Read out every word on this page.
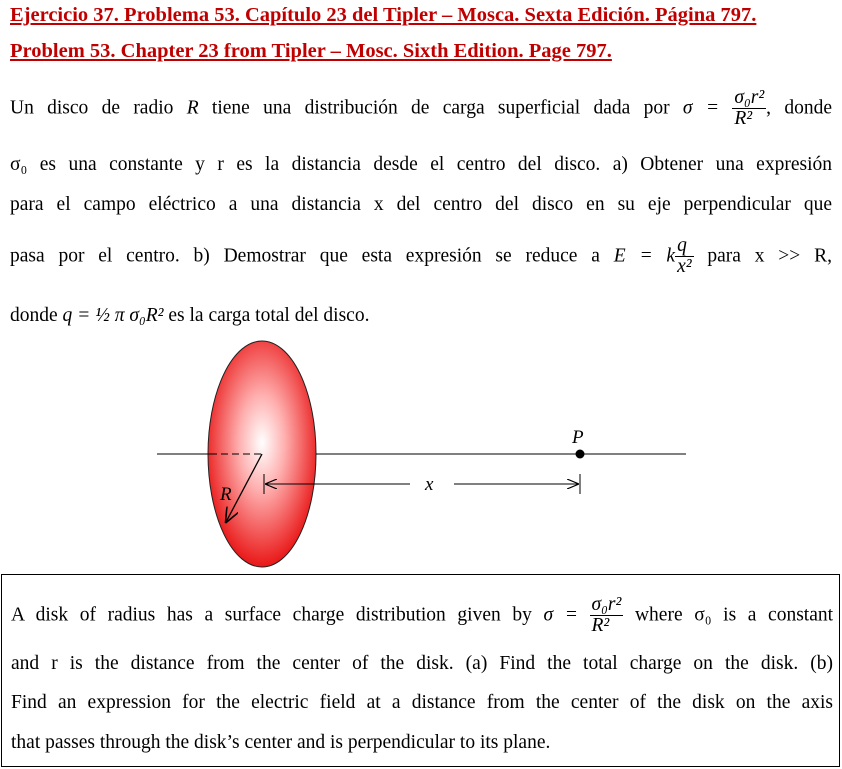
Ejercicio 37. Problema 53. Capítulo 23 del Tipler – Mosca. Sexta Edición. Página 797.
Problem 53. Chapter 23 from Tipler – Mosc. Sixth Edition. Page 797.
Un disco de radio R tiene una distribución de carga superficial dada por $\sigma = \frac{\text{σ₀r²}}{\text{R²}}$ , donde
σ₀ es una constante y r es la distancia desde el centro del disco. a) Obtener una expresión
para el campo eléctrico a una distancia x del centro del disco en su eje perpendicular que
pasa por el centro. b) Demostrar que esta expresión se reduce a E = k $\frac{q}{\text{x²}}$ para x >> R,
donde q = ½ π σ₀R² es la carga total del disco.
R
P
x
A disk of radius has a surface charge distribution given by $\sigma = \frac{\text{σ₀r²}}{\text{R²}}$ where σ₀ is a constant
and r is the distance from the center of the disk. (a) Find the total charge on the disk. (b)
Find an expression for the electric field at a distance from the center of the disk on the axis
that passes through the disk’s center and is perpendicular to its plane.
